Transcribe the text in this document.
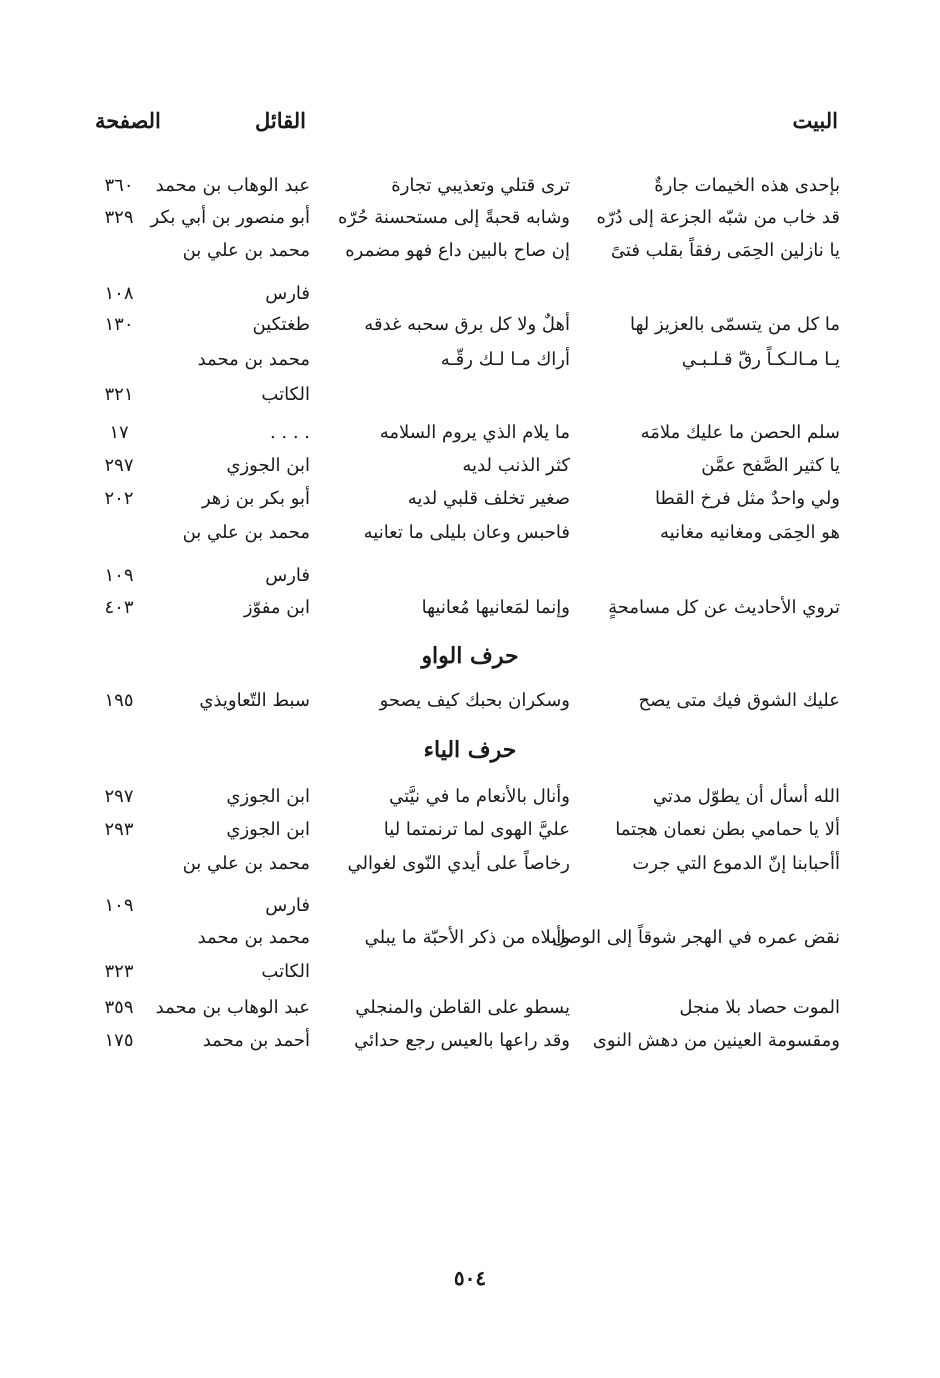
البيت
القائل
الصفحة
بإحدى هذه الخيمات جارةٌ
ترى قتلي وتعذيبي تجارة
عبد الوهاب بن محمد
٣٦٠
قد خاب من شبّه الجزعة إلى دُرّه
وشابه قحبةً إلى مستحسنة حُرّه
أبو منصور بن أبي بكر
٣٢٩
يا نازلين الحِمَى رفقاً بقلب فتىً
إن صاح بالبين داع فهو مضمره
محمد بن علي بن
فارس
١٠٨
ما كل من يتسمّى بالعزيز لها
أهلٌ ولا كل برق سحبه غدقه
طغتكين
١٣٠
يـا مـالـكـاً رقّ قـلـبـي
أراك مـا لـك رقّـه
محمد بن محمد
الكاتب
٣٢١
سلم الحصن ما عليك ملامَه
ما يلام الذي يروم السلامه
. . . .
١٧
يا كثير الصَّفح عمَّن
كثر الذنب لديه
ابن الجوزي
٢٩٧
ولي واحدٌ مثل فرخ القطا
صغير تخلف قلبي لديه
أبو بكر بن زهر
٢٠٢
هو الحِمَى ومغانيه مغانيه
فاحبس وعان بليلى ما تعانيه
محمد بن علي بن
فارس
١٠٩
تروي الأحاديث عن كل مسامحةٍ
وإنما لمَعانيها مُعانيها
ابن مفوّز
٤٠٣
حرف الواو
عليك الشوق فيك متى يصح
وسكران بحبك كيف يصحو
سبط التّعاويذي
١٩٥
حرف الياء
الله أسأل أن يطوّل مدتي
وأنال بالأنعام ما في نيَّتي
ابن الجوزي
٢٩٧
ألا يا حمامي بطن نعمان هجتما
عليَّ الهوى لما ترنمتما ليا
ابن الجوزي
٢٩٣
أأحبابنا إنّ الدموع التي جرت
رخاصاً على أيدي النّوى لغوالي
محمد بن علي بن
فارس
١٠٩
نقض عمره في الهجر شوقاً إلى الوصل
وأبلاه من ذكر الأحبّة ما يبلي
محمد بن محمد
الكاتب
٣٢٣
الموت حصاد بلا منجل
يسطو على القاطن والمنجلي
عبد الوهاب بن محمد
٣٥٩
ومقسومة العينين من دهش النوى
وقد راعها بالعيس رجع حدائي
أحمد بن محمد
١٧٥
٥٠٤
